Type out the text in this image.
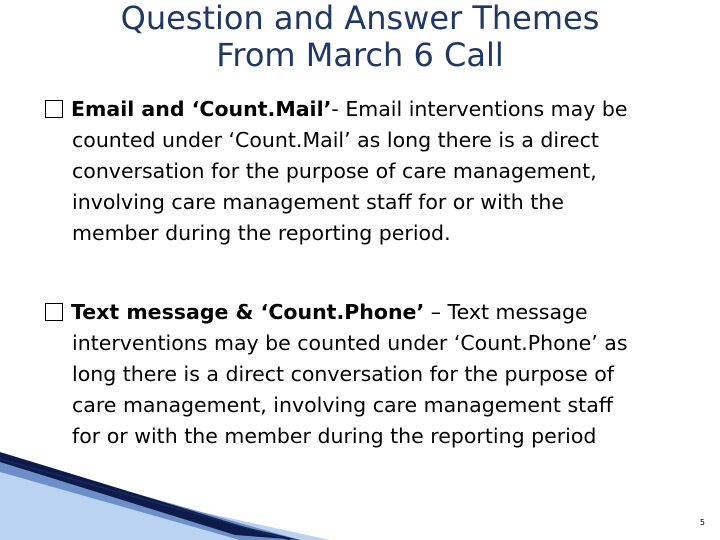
Question and Answer Themes
From March 6 Call
Email and ‘Count.Mail’- Email interventions may be
counted under ‘Count.Mail’ as long there is a direct
conversation for the purpose of care management,
involving care management staff for or with the
member during the reporting period.
Text message & ‘Count.Phone’ – Text message
interventions may be counted under ‘Count.Phone’ as
long there is a direct conversation for the purpose of
care management, involving care management staff
for or with the member during the reporting period
5
